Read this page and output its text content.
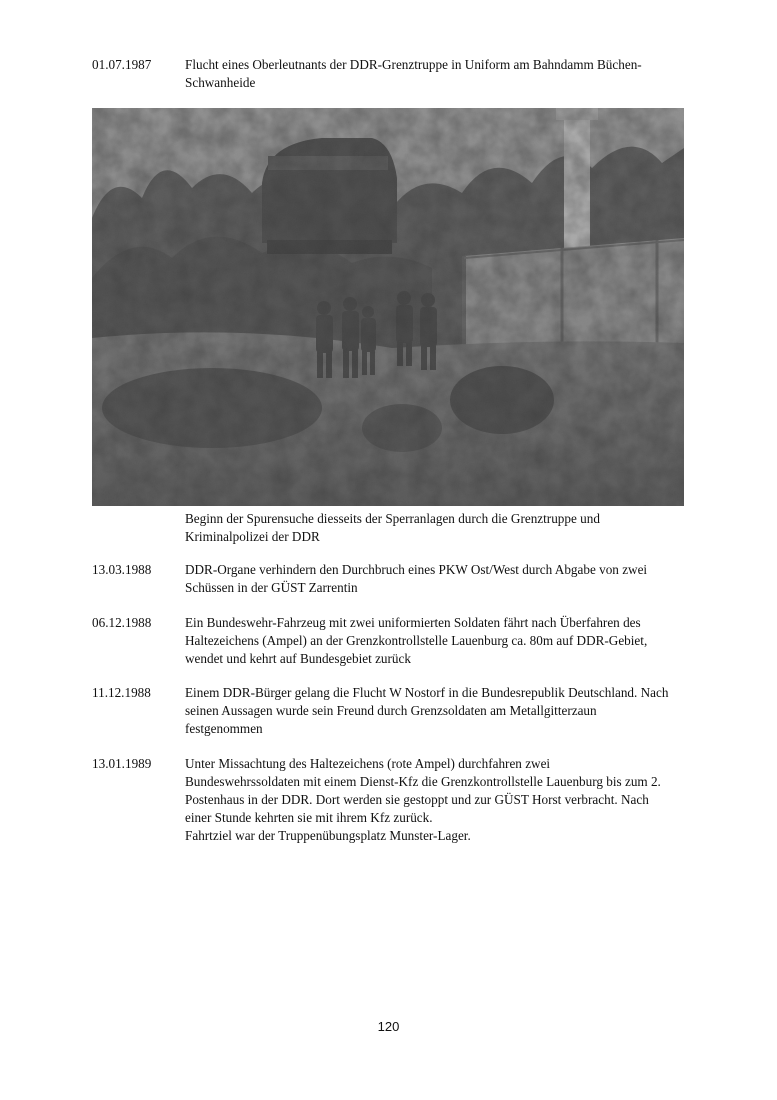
01.07.1987	Flucht eines Oberleutnants der DDR-Grenztruppe in Uniform am Bahndamm Büchen-
Schwanheide
Beginn der Spurensuche diesseits der Sperranlagen durch die Grenztruppe und
Kriminalpolizei der DDR
13.03.1988	DDR-Organe verhindern den Durchbruch eines PKW Ost/West durch Abgabe von zwei
Schüssen in der GÜST Zarrentin
06.12.1988	Ein Bundeswehr-Fahrzeug mit zwei uniformierten Soldaten fährt nach Überfahren des
Haltezeichens (Ampel) an der Grenzkontrollstelle Lauenburg ca. 80m auf DDR-Gebiet,
wendet und kehrt auf Bundesgebiet zurück
11.12.1988	Einem DDR-Bürger gelang die Flucht W Nostorf in die Bundesrepublik Deutschland. Nach
seinen Aussagen wurde sein Freund durch Grenzsoldaten am Metallgitterzaun
festgenommen
13.01.1989	Unter Missachtung des Haltezeichens (rote Ampel) durchfahren zwei
Bundeswehrssoldaten mit einem Dienst-Kfz die Grenzkontrollstelle Lauenburg bis zum 2.
Postenhaus in der DDR. Dort werden sie gestoppt und zur GÜST Horst verbracht. Nach
einer Stunde kehrten sie mit ihrem Kfz zurück.
Fahrtziel war der Truppenübungsplatz Munster-Lager.
120
